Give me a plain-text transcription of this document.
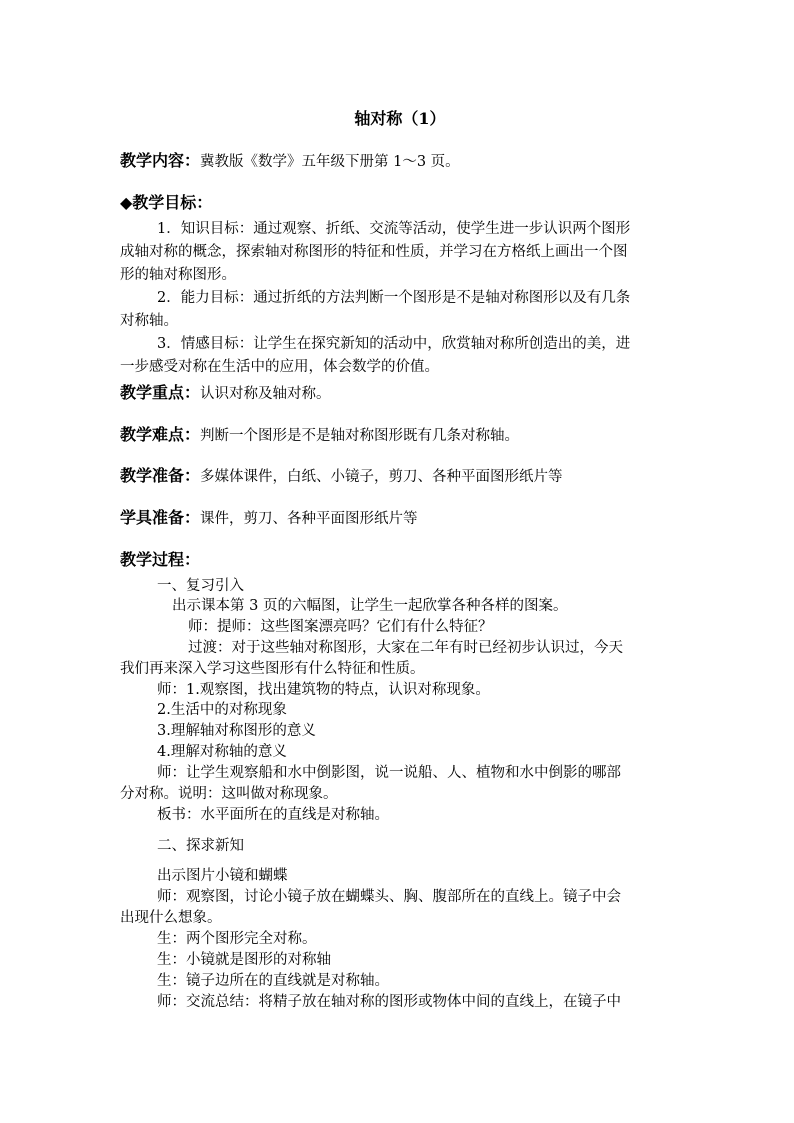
轴对称（1）
教学内容：冀教版《数学》五年级下册第 1～3 页。
◆教学目标：
1．知识目标：通过观察、折纸、交流等活动，使学生进一步认识两个图形
成轴对称的概念，探索轴对称图形的特征和性质，并学习在方格纸上画出一个图
形的轴对称图形。
2．能力目标：通过折纸的方法判断一个图形是不是轴对称图形以及有几条
对称轴。
3．情感目标：让学生在探究新知的活动中，欣赏轴对称所创造出的美，进
一步感受对称在生活中的应用，体会数学的价值。
教学重点：认识对称及轴对称。
教学难点：判断一个图形是不是轴对称图形既有几条对称轴。
教学准备：多媒体课件，白纸、小镜子，剪刀、各种平面图形纸片等
学具准备：课件，剪刀、各种平面图形纸片等
教学过程：
一、复习引入
出示课本第 3 页的六幅图，让学生一起欣掌各种各样的图案。
师：提师：这些图案漂亮吗？它们有什么特征？
过渡：对于这些轴对称图形，大家在二年有时已经初步认识过，今天
我们再来深入学习这些图形有什么特征和性质。
师：1.观察图，找出建筑物的特点，认识对称现象。
2.生活中的对称现象
3.理解轴对称图形的意义
4.理解对称轴的意义
师：让学生观察船和水中倒影图，说一说船、人、植物和水中倒影的哪部
分对称。说明：这叫做对称现象。
板书：水平面所在的直线是对称轴。
二、探求新知
出示图片小镜和蝴蝶
师：观察图，讨论小镜子放在蝴蝶头、胸、腹部所在的直线上。镜子中会
出现什么想象。
生：两个图形完全对称。
生：小镜就是图形的对称轴
生：镜子边所在的直线就是对称轴。
师：交流总结：将精子放在轴对称的图形或物体中间的直线上，在镜子中
